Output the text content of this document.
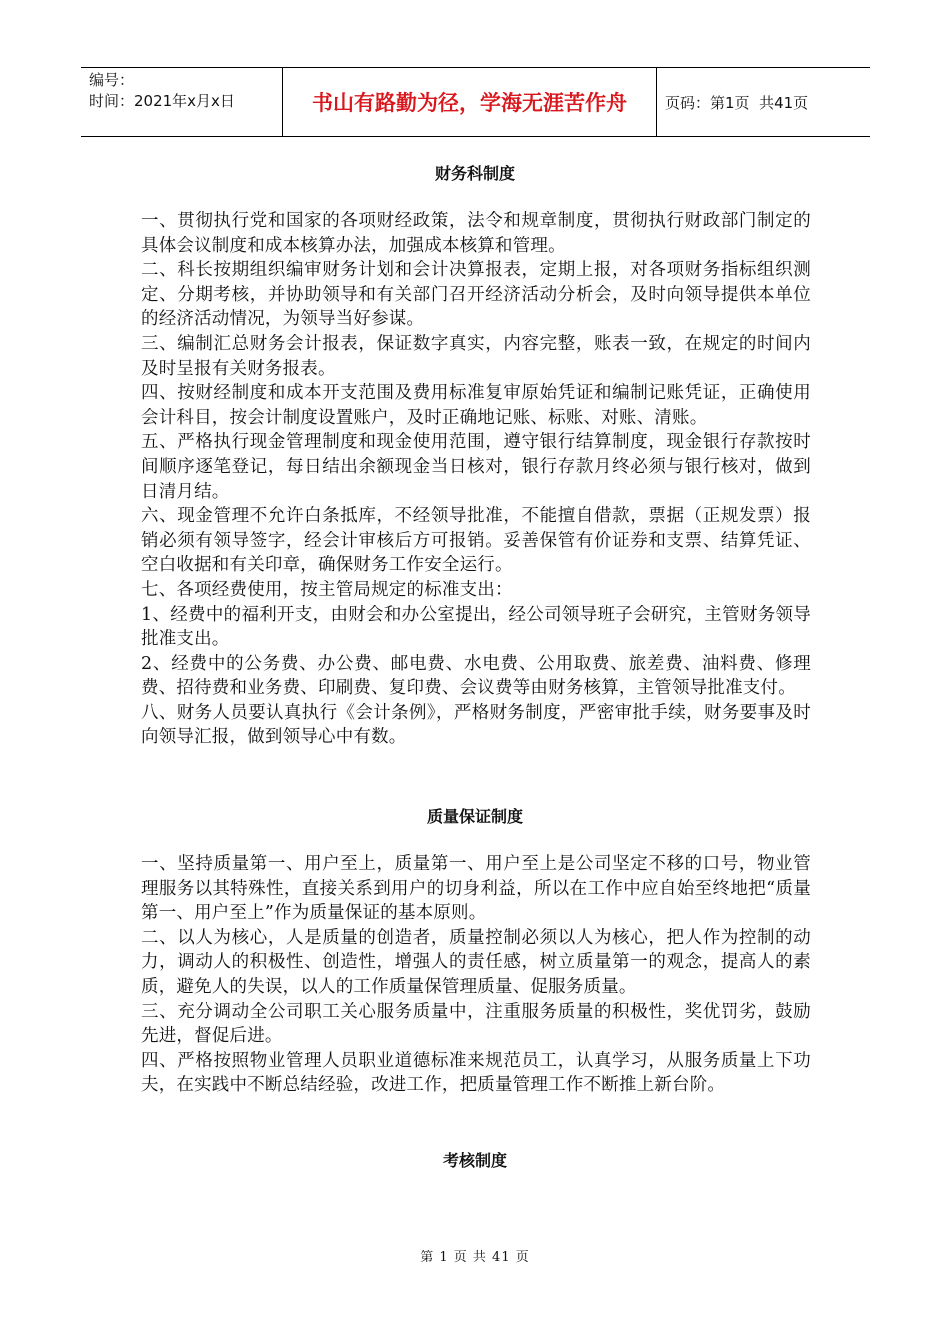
编号：
时间：2021年x月x日	书山有路勤为径，学海无涯苦作舟	页码：第1页  共41页
财务科制度

一、贯彻执行党和国家的各项财经政策，法令和规章制度，贯彻执行财政部门制定的具体会议制度和成本核算办法，加强成本核算和管理。

二、科长按期组织编审财务计划和会计决算报表，定期上报，对各项财务指标组织测定、分期考核，并协助领导和有关部门召开经济活动分析会，及时向领导提供本单位的经济活动情况，为领导当好参谋。

三、编制汇总财务会计报表，保证数字真实，内容完整，账表一致，在规定的时间内及时呈报有关财务报表。

四、按财经制度和成本开支范围及费用标准复审原始凭证和编制记账凭证，正确使用会计科目，按会计制度设置账户，及时正确地记账、标账、对账、清账。

五、严格执行现金管理制度和现金使用范围，遵守银行结算制度，现金银行存款按时间顺序逐笔登记，每日结出余额现金当日核对，银行存款月终必须与银行核对，做到日清月结。

六、现金管理不允许白条抵库，不经领导批准，不能擅自借款，票据（正规发票）报销必须有领导签字，经会计审核后方可报销。妥善保管有价证券和支票、结算凭证、空白收据和有关印章，确保财务工作安全运行。

七、各项经费使用，按主管局规定的标准支出：

1、经费中的福利开支，由财会和办公室提出，经公司领导班子会研究，主管财务领导批准支出。

2、经费中的公务费、办公费、邮电费、水电费、公用取费、旅差费、油料费、修理费、招待费和业务费、印刷费、复印费、会议费等由财务核算，主管领导批准支付。

八、财务人员要认真执行《会计条例》，严格财务制度，严密审批手续，财务要事及时向领导汇报，做到领导心中有数。

质量保证制度

一、坚持质量第一、用户至上，质量第一、用户至上是公司坚定不移的口号，物业管理服务以其特殊性，直接关系到用户的切身利益，所以在工作中应自始至终地把“质量第一、用户至上”作为质量保证的基本原则。

二、以人为核心，人是质量的创造者，质量控制必须以人为核心，把人作为控制的动力，调动人的积极性、创造性，增强人的责任感，树立质量第一的观念，提高人的素质，避免人的失误，以人的工作质量保管理质量、促服务质量。

三、充分调动全公司职工关心服务质量中，注重服务质量的积极性，奖优罚劣，鼓励先进，督促后进。

四、严格按照物业管理人员职业道德标准来规范员工，认真学习，从服务质量上下功夫，在实践中不断总结经验，改进工作，把质量管理工作不断推上新台阶。

考核制度
第 1 页 共 41 页
